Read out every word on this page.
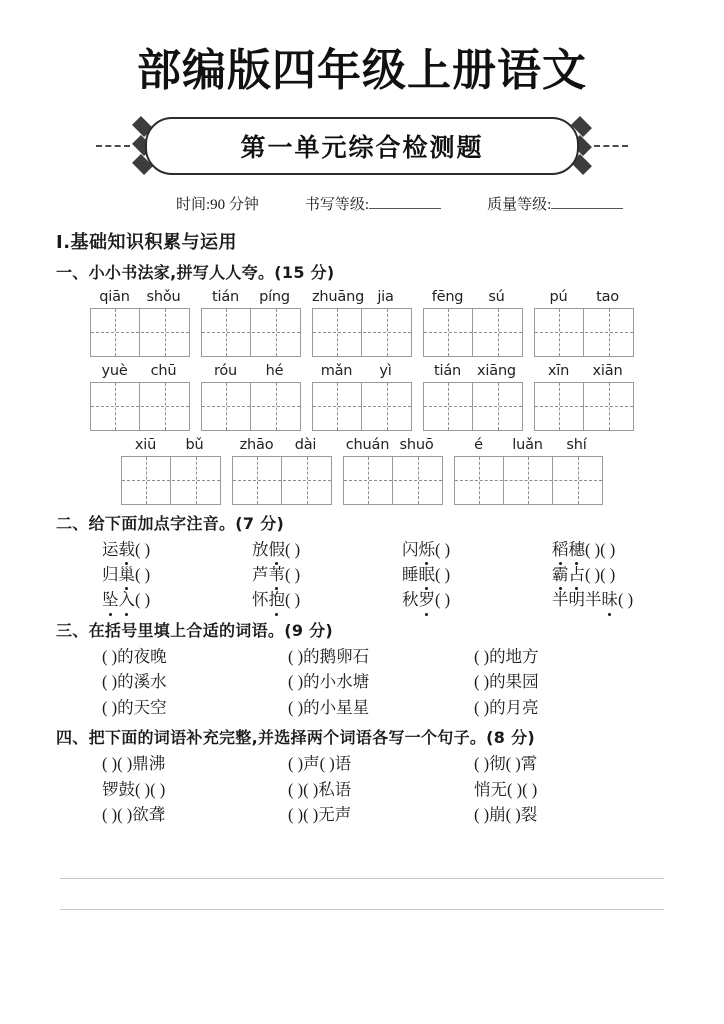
部编版四年级上册语文
第一单元综合检测题
时间:90 分钟	书写等级:	质量等级:
Ⅰ.基础知识积累与运用
一、小小书法家,拼写人人夸。(15 分)
qiān	shǒu	tián	píng	zhuāng jia	fēng	sú	pú	tao
yuè	chū	róu	hé	mǎn	yì	tián	xiāng	xīn	xiān
xiū	bǔ	zhāo	dài	chuán shuō	é	luǎn	shí
二、给下面加点字注音。(7 分)
运载( )	放假( )	闪烁( )	稻穗( )( )
归巢( )	芦苇( )	睡眠( )	霸占( )( )
坠入( )	怀抱( )	秋罗( )	半明半昧( )
三、在括号里填上合适的词语。(9 分)
( )的夜晚	( )的鹅卵石	( )的地方
( )的溪水	( )的小水塘	( )的果园
( )的天空	( )的小星星	( )的月亮
四、把下面的词语补充完整,并选择两个词语各写一个句子。(8 分)
( )( )鼎沸	( )声( )语	( )彻( )霄
锣鼓( )( )	( )( )私语	悄无( )( )
( )( )欲聋	( )( )无声	( )崩( )裂
